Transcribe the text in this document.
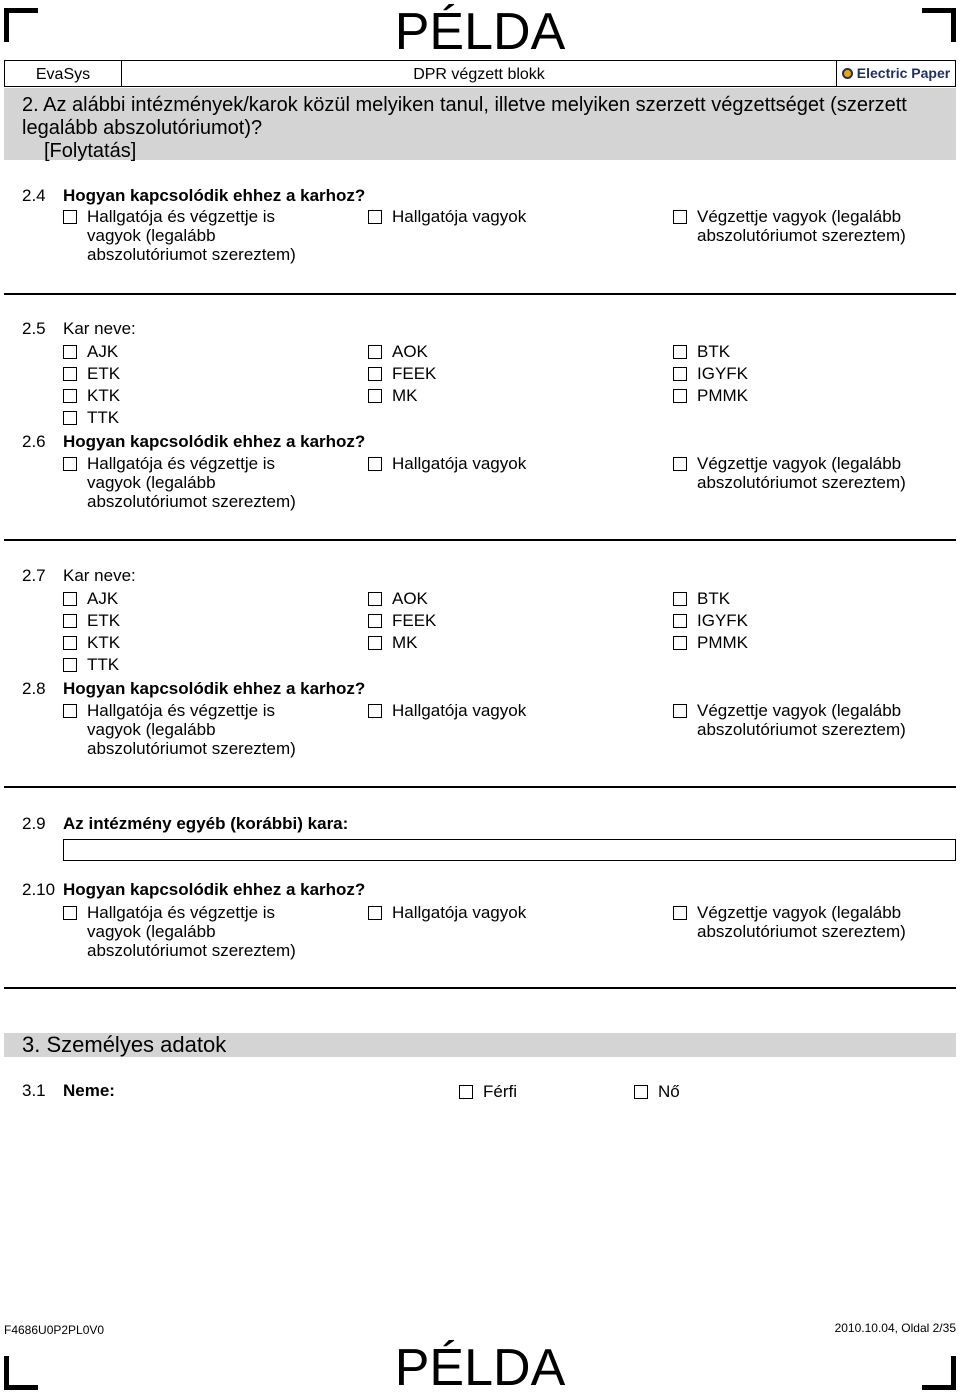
PÉLDA
PÉLDA
EvaSys	DPR végzett blokk	Electric Paper
2. Az alábbi intézmények/karok közül melyiken tanul, illetve melyiken szerzett végzettséget (szerzett legalább abszolutóriumot)?
[Folytatás]
2.4 Hogyan kapcsolódik ehhez a karhoz?
Hallgatója és végzettje is vagyok (legalább abszolutóriumot szereztem)
Hallgatója vagyok	Végzettje vagyok (legalább abszolutóriumot szereztem)
2.5 Kar neve:
AJK	AOK	BTK
ETK	FEEK	IGYFK
KTK	MK	PMMK
TTK
2.6 Hogyan kapcsolódik ehhez a karhoz?
Hallgatója és végzettje is vagyok (legalább abszolutóriumot szereztem)
Hallgatója vagyok	Végzettje vagyok (legalább abszolutóriumot szereztem)
2.7 Kar neve:
AJK	AOK	BTK
ETK	FEEK	IGYFK
KTK	MK	PMMK
TTK
2.8 Hogyan kapcsolódik ehhez a karhoz?
Hallgatója és végzettje is vagyok (legalább abszolutóriumot szereztem)
Hallgatója vagyok	Végzettje vagyok (legalább abszolutóriumot szereztem)
2.9 Az intézmény egyéb (korábbi) kara:
2.10 Hogyan kapcsolódik ehhez a karhoz?
Hallgatója és végzettje is vagyok (legalább abszolutóriumot szereztem)
Hallgatója vagyok	Végzettje vagyok (legalább abszolutóriumot szereztem)
3. Személyes adatok
3.1 Neme:	Férfi	Nő
F4686U0P2PL0V0	2010.10.04, Oldal 2/35
